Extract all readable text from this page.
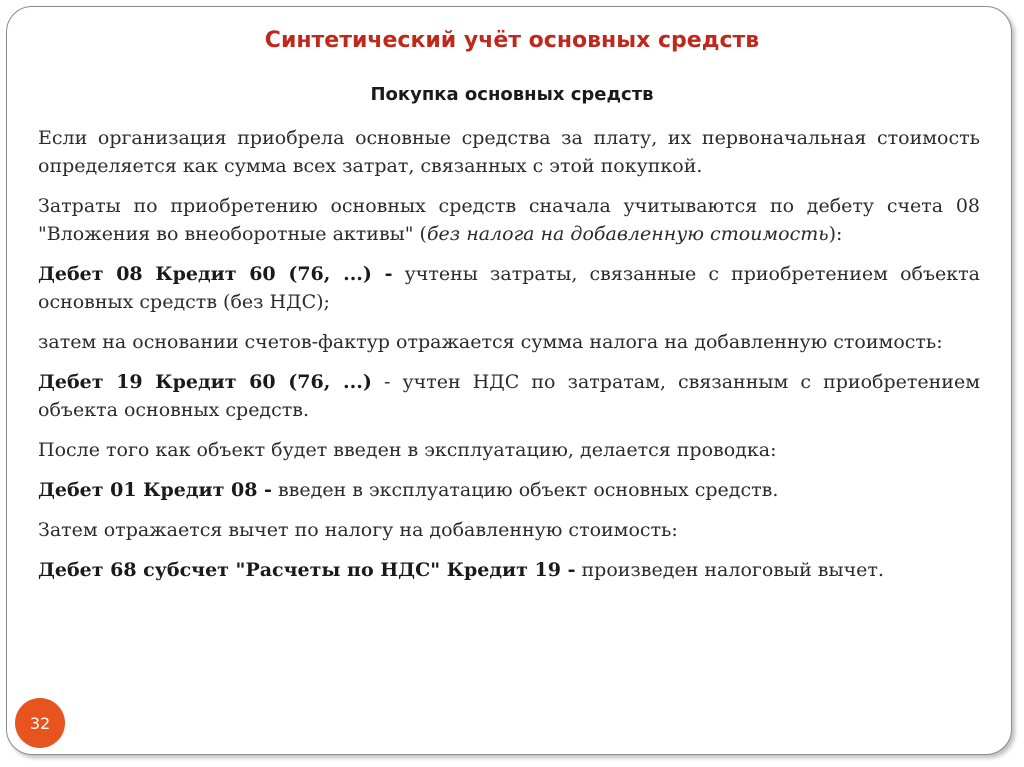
Синтетический учёт основных средств
Покупка основных средств

Если организация приобрела основные средства за плату, их первоначальная стоимость определяется как сумма всех затрат, связанных с этой покупкой.

Затраты по приобретению основных средств сначала учитываются по дебету счета 08 "Вложения во внеоборотные активы" (без налога на добавленную стоимость):

Дебет 08 Кредит 60 (76, ...) - учтены затраты, связанные с приобретением объекта основных средств (без НДС);

затем на основании счетов-фактур отражается сумма налога на добавленную стоимость:

Дебет 19 Кредит 60 (76, ...) - учтен НДС по затратам, связанным с приобретением объекта основных средств.

После того как объект будет введен в эксплуатацию, делается проводка:

Дебет 01 Кредит 08 - введен в эксплуатацию объект основных средств.

Затем отражается вычет по налогу на добавленную стоимость:

Дебет 68 субсчет "Расчеты по НДС" Кредит 19 - произведен налоговый вычет.

32
